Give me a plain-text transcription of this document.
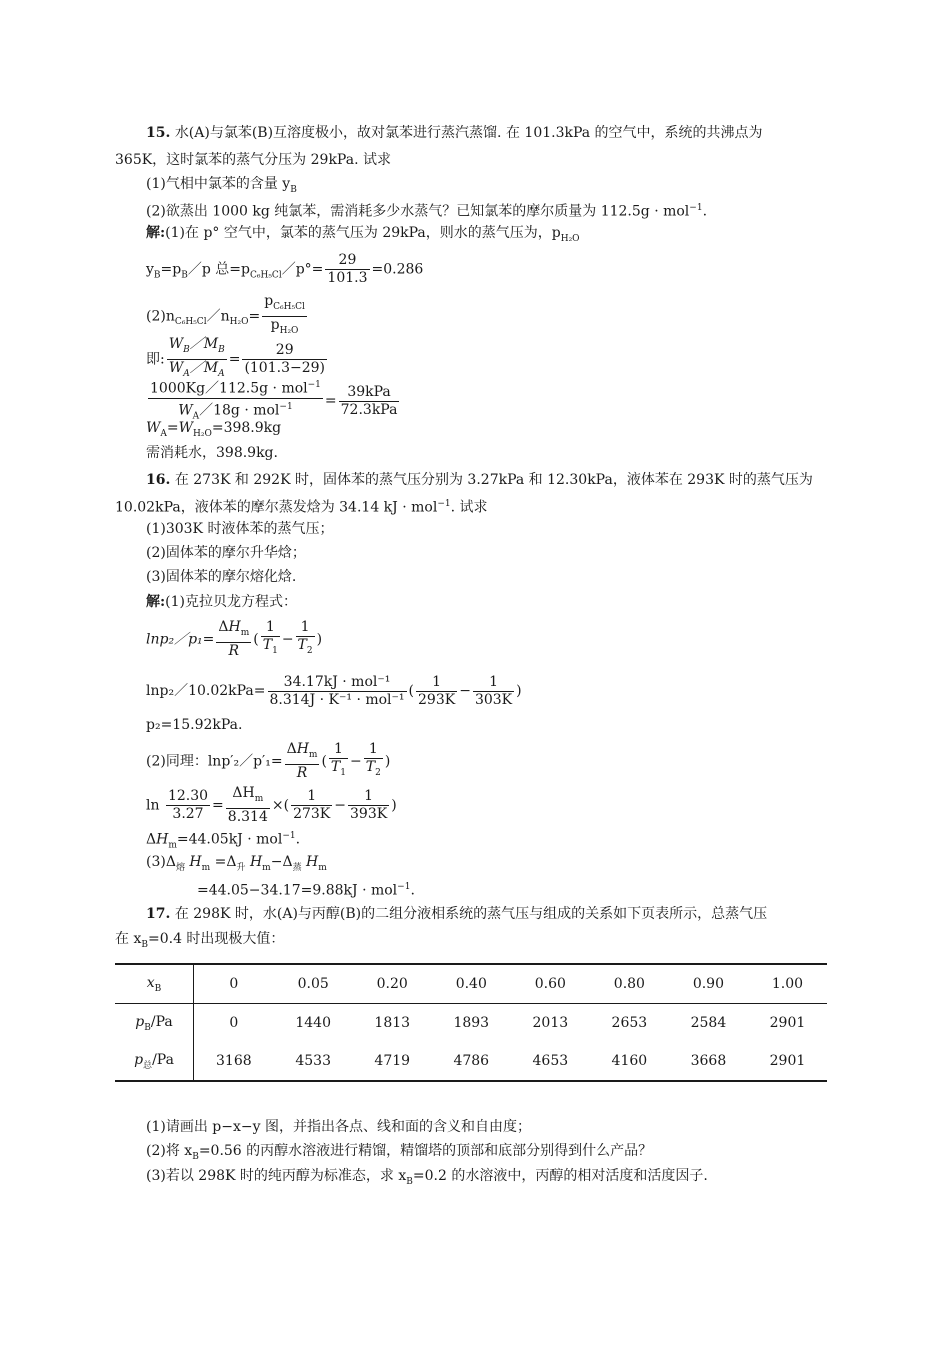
15. 水(A)与氯苯(B)互溶度极小，故对氯苯进行蒸汽蒸馏. 在 101.3kPa 的空气中，系统的共沸点为
365K，这时氯苯的蒸气分压为 29kPa. 试求
(1)气相中氯苯的含量 $y_B$
(2)欲蒸出 1000 kg 纯氯苯，需消耗多少水蒸气？已知氯苯的摩尔质量为 112.5g · mol$^{-1}$.
解:(1)在 p° 空气中，氯苯的蒸气压为 29kPa，则水的蒸气压为，$p_{H_2O}$
$y_B=p_B/p$ 总$=p_{C_6H_5Cl}/p^\circ= \frac{29}{101.3} =0.286$
$(2)n_{C_6H_5Cl}/n_{H_2O}= \frac{p_{C_6H_5Cl}}{p_{H_2O}}$
即: $\frac{W_B/M_B}{W_A/M_A} = \frac{29}{(101.3-29)}$
$\frac{1000Kg/112.5g \cdot mol^{-1}}{W_A/18g \cdot mol^{-1}} = \frac{\text{39kPa}}{\text{72.3kPa}}$
$W_A=W_{H_2O}=398.9kg$
需消耗水，398.9kg.
16. 在 273K 和 292K 时，固体苯的蒸气压分别为 3.27kPa 和 12.30kPa，液体苯在 293K 时的蒸气压为
10.02kPa，液体苯的摩尔蒸发焓为 34.14 kJ · mol$^{-1}$. 试求
(1)303K 时液体苯的蒸气压；
(2)固体苯的摩尔升华焓；
(3)固体苯的摩尔熔化焓.
解:(1)克拉贝龙方程式：
lnp₂／p₁= $\frac{\Delta H_m}{R}$ ( $\frac{1}{T_1} - \frac{1}{T_2}$ )
lnp₂／10.02kPa= $\frac{\text{34.17kJ · mol⁻¹}}{\text{8.314J · K⁻¹ · mol⁻¹}}$ ( $\frac{1}{293K} - \frac{1}{303K}$ )
p₂=15.92kPa.
(2)同理：lnp′₂／p′₁= $\frac{\Delta H_m}{R}$ ( $\frac{1}{T_1} - \frac{1}{T_2}$ )
$\ln \frac{12.30}{3.27} = \frac{\Delta H_m}{8.314}$ ×( $\frac{1}{273K} - \frac{1}{393K}$ )
$\Delta H_m=44.05kJ \cdot mol^{-1}$.
$(3)\Delta_熔$ $H_m =\Delta_升$ $H_m-\Delta_蒸$ $H_m$
=44.05−34.17=9.88kJ · mol$^{-1}$.
17. 在 298K 时，水(A)与丙醇(B)的二组分液相系统的蒸气压与组成的关系如下页表所示，总蒸气压
在 $x_B=0.4$ 时出现极大值：
$x_B$	0	0.05	0.20	0.40	0.60	0.80	0.90	1.00
$p_B/Pa$	0	1440	1813	1893	2013	2653	2584	2901
$p_总/Pa$	3168	4533	4719	4786	4653	4160	3668	2901
(1)请画出 p−x−y 图，并指出各点、线和面的含义和自由度；
(2)将 $x_B=0.56$ 的丙醇水溶液进行精馏，精馏塔的顶部和底部分别得到什么产品？
(3)若以 298K 时的纯丙醇为标准态，求 $x_B=0.2$ 的水溶液中，丙醇的相对活度和活度因子.
